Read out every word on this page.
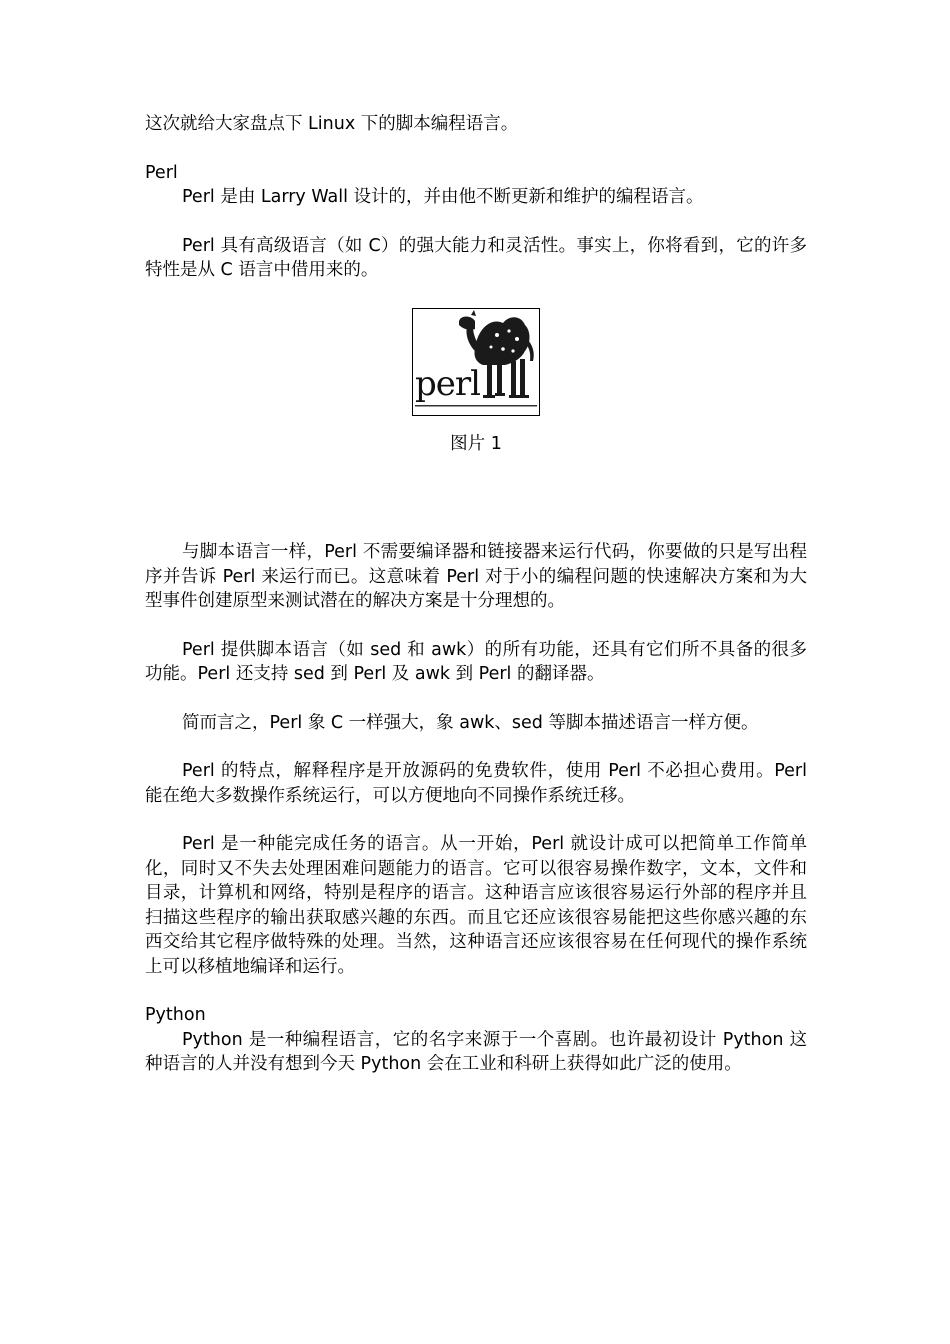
这次就给大家盘点下 Linux 下的脚本编程语言。

Perl

Perl 是由 Larry Wall 设计的，并由他不断更新和维护的编程语言。

Perl 具有高级语言（如 C）的强大能力和灵活性。事实上，你将看到，它的许多特性是从 C 语言中借用来的。

perl
图片 1

与脚本语言一样，Perl 不需要编译器和链接器来运行代码，你要做的只是写出程序并告诉 Perl 来运行而已。这意味着 Perl 对于小的编程问题的快速解决方案和为大型事件创建原型来测试潜在的解决方案是十分理想的。

Perl 提供脚本语言（如 sed 和 awk）的所有功能，还具有它们所不具备的很多功能。Perl 还支持 sed 到 Perl 及 awk 到 Perl 的翻译器。

简而言之，Perl 象 C 一样强大，象 awk、sed 等脚本描述语言一样方便。

Perl 的特点，解释程序是开放源码的免费软件，使用 Perl 不必担心费用。Perl 能在绝大多数操作系统运行，可以方便地向不同操作系统迁移。

Perl 是一种能完成任务的语言。从一开始，Perl 就设计成可以把简单工作简单化，同时又不失去处理困难问题能力的语言。它可以很容易操作数字，文本，文件和目录，计算机和网络，特别是程序的语言。这种语言应该很容易运行外部的程序并且扫描这些程序的输出获取感兴趣的东西。而且它还应该很容易能把这些你感兴趣的东西交给其它程序做特殊的处理。当然，这种语言还应该很容易在任何现代的操作系统上可以移植地编译和运行。

Python

Python 是一种编程语言，它的名字来源于一个喜剧。也许最初设计 Python 这种语言的人并没有想到今天 Python 会在工业和科研上获得如此广泛的使用。
